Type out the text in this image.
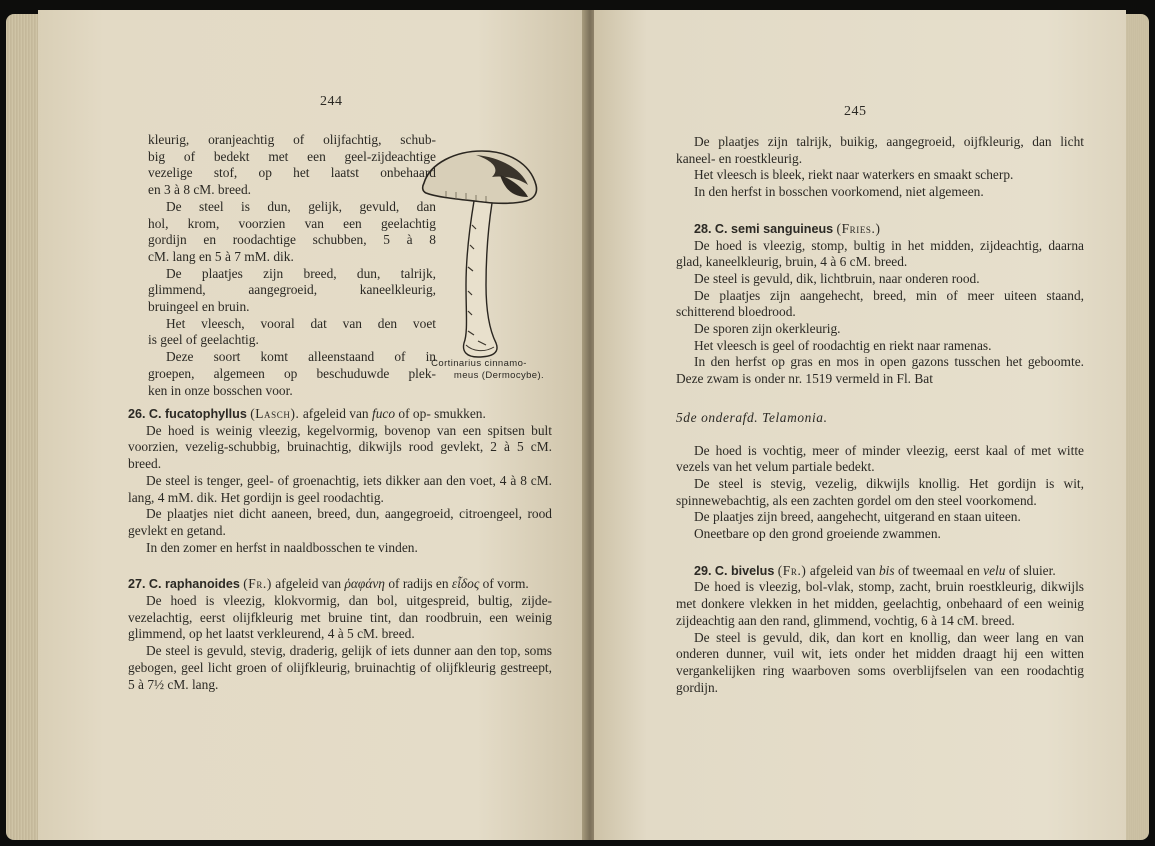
244
Cortinarius cinnamo-
meus (Dermocybe).
kleurig, oranjeachtig of olijfachtig, schub-
big of bedekt met een geel-zijdeachtige
vezelige stof, op het laatst onbehaard
en 3 à 8 cM. breed.
De steel is dun, gelijk, gevuld, dan
hol, krom, voorzien van een geelachtig
gordijn en roodachtige schubben, 5 à 8
cM. lang en 5 à 7 mM. dik.
De plaatjes zijn breed, dun, talrijk,
glimmend, aangegroeid, kaneelkleurig,
bruingeel en bruin.
Het vleesch, vooral dat van den voet
is geel of geelachtig.
Deze soort komt alleenstaand of in
groepen, algemeen op beschuduwde plek-
ken in onze bosschen voor.

26. C. fucatophyllus (Lasch). afgeleid van fuco of op- smukken.

De hoed is weinig vleezig, kegelvormig, bovenop van een spitsen bult voorzien, vezelig-schubbig, bruinachtig, dikwijls rood gevlekt, 2 à 5 cM. breed.

De steel is tenger, geel- of groenachtig, iets dikker aan den voet, 4 à 8 cM. lang, 4 mM. dik. Het gordijn is geel roodachtig.

De plaatjes niet dicht aaneen, breed, dun, aangegroeid, citroengeel, rood gevlekt en getand.

In den zomer en herfst in naaldbosschen te vinden.

27. C. raphanoides (Fr.) afgeleid van ῥαφάνη of radijs en εἶδος of vorm.

De hoed is vleezig, klokvormig, dan bol, uitgespreid, bultig, zijde-vezelachtig, eerst olijfkleurig met bruine tint, dan roodbruin, een weinig glimmend, op het laatst verkleurend, 4 à 5 cM. breed.

De steel is gevuld, stevig, draderig, gelijk of iets dunner aan den top, soms gebogen, geel licht groen of olijfkleurig, bruinachtig of olijfkleurig gestreept, 5 à 7½ cM. lang.

245

De plaatjes zijn talrijk, buikig, aangegroeid, oijfkleurig, dan licht kaneel- en roestkleurig.

Het vleesch is bleek, riekt naar waterkers en smaakt scherp.

In den herfst in bosschen voorkomend, niet algemeen.

28. C. semi sanguineus (Fries.)

De hoed is vleezig, stomp, bultig in het midden, zijdeachtig, daarna glad, kaneelkleurig, bruin, 4 à 6 cM. breed.

De steel is gevuld, dik, lichtbruin, naar onderen rood.

De plaatjes zijn aangehecht, breed, min of meer uiteen staand, schitterend bloedrood.

De sporen zijn okerkleurig.

Het vleesch is geel of roodachtig en riekt naar ramenas.

In den herfst op gras en mos in open gazons tusschen het geboomte. Deze zwam is onder nr. 1519 vermeld in Fl. Bat

5de onderafd. Telamonia.

De hoed is vochtig, meer of minder vleezig, eerst kaal of met witte vezels van het velum partiale bedekt.

De steel is stevig, vezelig, dikwijls knollig. Het gordijn is wit, spinnewebachtig, als een zachten gordel om den steel voorkomend.

De plaatjes zijn breed, aangehecht, uitgerand en staan uiteen.

Oneetbare op den grond groeiende zwammen.

29. C. bivelus (Fr.) afgeleid van bis of tweemaal en velu of sluier.

De hoed is vleezig, bol-vlak, stomp, zacht, bruin roestkleurig, dikwijls met donkere vlekken in het midden, geelachtig, onbehaard of een weinig zijdeachtig aan den rand, glimmend, vochtig, 6 à 14 cM. breed.

De steel is gevuld, dik, dan kort en knollig, dan weer lang en van onderen dunner, vuil wit, iets onder het midden draagt hij een witten vergankelijken ring waarboven soms overblijfselen van een roodachtig gordijn.
